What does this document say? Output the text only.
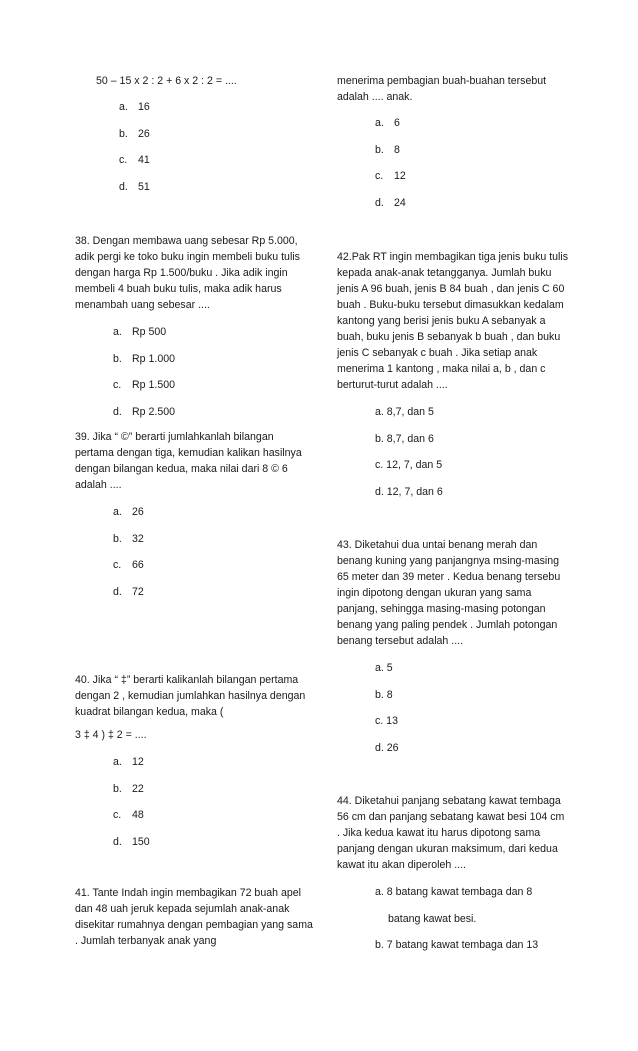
50 – 15 x 2 : 2 + 6 x 2 : 2 = ....

a. 16
b. 26
c. 41
d. 51

38. Dengan membawa uang sebesar Rp 5.000, adik pergi ke toko buku ingin membeli buku tulis dengan harga Rp 1.500/buku . Jika adik ingin membeli 4 buah buku tulis, maka adik harus menambah uang sebesar ....

a. Rp 500
b. Rp 1.000
c. Rp 1.500
d. Rp 2.500

39. Jika “ ©” berarti jumlahkanlah bilangan pertama dengan tiga, kemudian kalikan hasilnya dengan bilangan kedua, maka nilai dari 8 © 6 adalah ....

a. 26
b. 32
c. 66
d. 72

40. Jika “ ‡” berarti kalikanlah bilangan pertama dengan 2 , kemudian jumlahkan hasilnya dengan kuadrat bilangan kedua, maka (

3 ‡ 4 ) ‡ 2 = ....

a. 12
b. 22
c. 48
d. 150

41. Tante Indah ingin membagikan 72 buah apel dan 48 uah jeruk kepada sejumlah anak-anak disekitar rumahnya dengan pembagian yang sama . Jumlah terbanyak anak yang

menerima pembagian buah-buahan tersebut adalah .... anak.

a. 6
b. 8
c. 12
d. 24

42.Pak RT ingin membagikan tiga jenis buku tulis kepada anak-anak tetangganya. Jumlah buku jenis A 96 buah, jenis B 84 buah , dan jenis C 60 buah . Buku-buku tersebut dimasukkan kedalam kantong yang berisi jenis buku A sebanyak a buah, buku jenis B sebanyak b buah , dan buku jenis C sebanyak c buah . Jika setiap anak menerima 1 kantong , maka nilai a, b , dan c berturut-turut adalah ....

a. 8,7, dan 5
b. 8,7, dan 6
c. 12, 7, dan 5
d. 12, 7, dan 6

43. Diketahui dua untai benang merah dan benang kuning yang panjangnya msing-masing 65 meter dan 39 meter . Kedua benang tersebu ingin dipotong dengan ukuran yang sama panjang, sehingga masing-masing potongan benang yang paling pendek . Jumlah potongan benang tersebut adalah ....

a. 5
b. 8
c. 13
d. 26

44. Diketahui panjang sebatang kawat tembaga 56 cm dan panjang sebatang kawat besi 104 cm . Jika kedua kawat itu harus dipotong sama panjang dengan ukuran maksimum, dari kedua kawat itu akan diperoleh ....

a. 8 batang kawat tembaga dan 8
batang kawat besi.
b. 7 batang kawat tembaga dan 13
